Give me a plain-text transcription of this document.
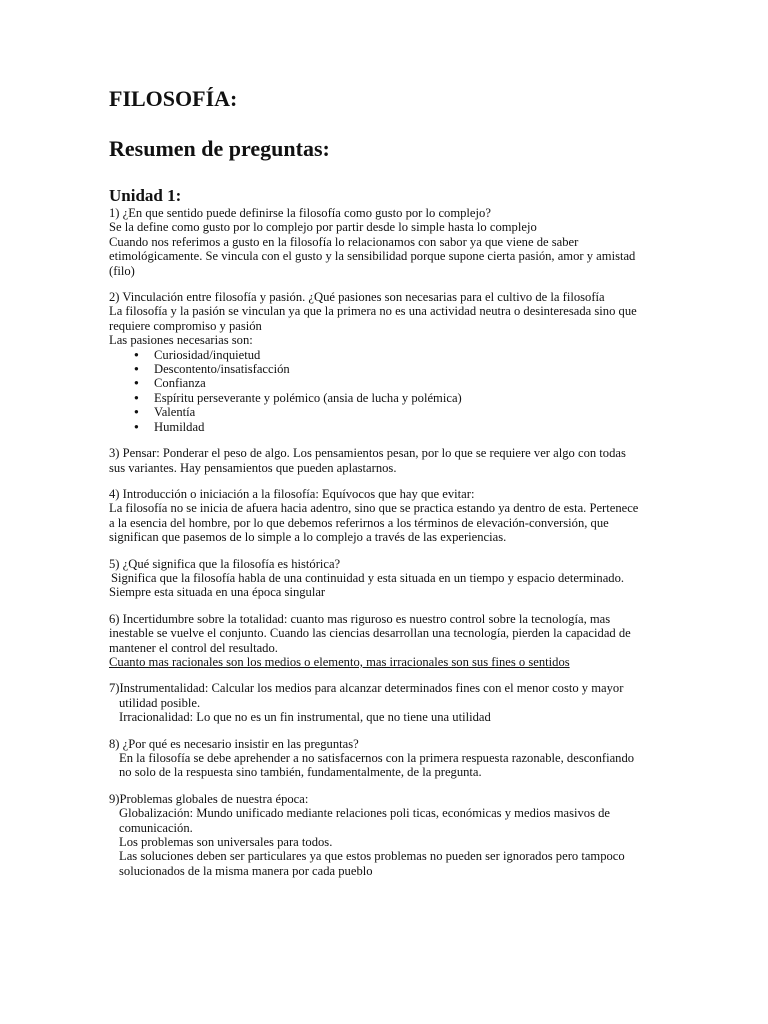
FILOSOFÍA:
Resumen de preguntas:
Unidad 1:
1) ¿En que sentido puede definirse la filosofía como gusto por lo complejo?
Se la define como gusto por lo complejo por partir desde lo simple hasta lo complejo
Cuando nos referimos a gusto en la filosofía lo relacionamos con sabor ya que viene de saber
etimológicamente. Se vincula con el gusto y la sensibilidad porque supone cierta pasión, amor y amistad
(filo)
2) Vinculación entre filosofía y pasión. ¿Qué pasiones son necesarias para el cultivo de la filosofía
La filosofía y la pasión se vinculan ya que la primera no es una actividad neutra o desinteresada sino que
requiere compromiso y pasión
Las pasiones necesarias son:
● Curiosidad/inquietud
● Descontento/insatisfacción
● Confianza
● Espíritu perseverante y polémico (ansia de lucha y polémica)
● Valentía
● Humildad
3) Pensar: Ponderar el peso de algo. Los pensamientos pesan, por lo que se requiere ver algo con todas
sus variantes. Hay pensamientos que pueden aplastarnos.
4) Introducción o iniciación a la filosofía: Equívocos que hay que evitar:
La filosofía no se inicia de afuera hacia adentro, sino que se practica estando ya dentro de esta. Pertenece
a la esencia del hombre, por lo que debemos referirnos a los términos de elevación-conversión, que
significan que pasemos de lo simple a lo complejo a través de las experiencias.
5) ¿Qué significa que la filosofía es histórica?
Significa que la filosofía habla de una continuidad y esta situada en un tiempo y espacio determinado.
Siempre esta situada en una época singular
6) Incertidumbre sobre la totalidad: cuanto mas riguroso es nuestro control sobre la tecnología, mas
inestable se vuelve el conjunto. Cuando las ciencias desarrollan una tecnología, pierden la capacidad de
mantener el control del resultado.
Cuanto mas racionales son los medios o elemento, mas irracionales son sus fines o sentidos
7)Instrumentalidad: Calcular los medios para alcanzar determinados fines con el menor costo y mayor
utilidad posible.
Irracionalidad: Lo que no es un fin instrumental, que no tiene una utilidad
8) ¿Por qué es necesario insistir en las preguntas?
En la filosofía se debe aprehender a no satisfacernos con la primera respuesta razonable, desconfiando
no solo de la respuesta sino también, fundamentalmente, de la pregunta.
9)Problemas globales de nuestra época:
Globalización: Mundo unificado mediante relaciones poli ticas, económicas y medios masivos de
comunicación.
Los problemas son universales para todos.
Las soluciones deben ser particulares ya que estos problemas no pueden ser ignorados pero tampoco
solucionados de la misma manera por cada pueblo
